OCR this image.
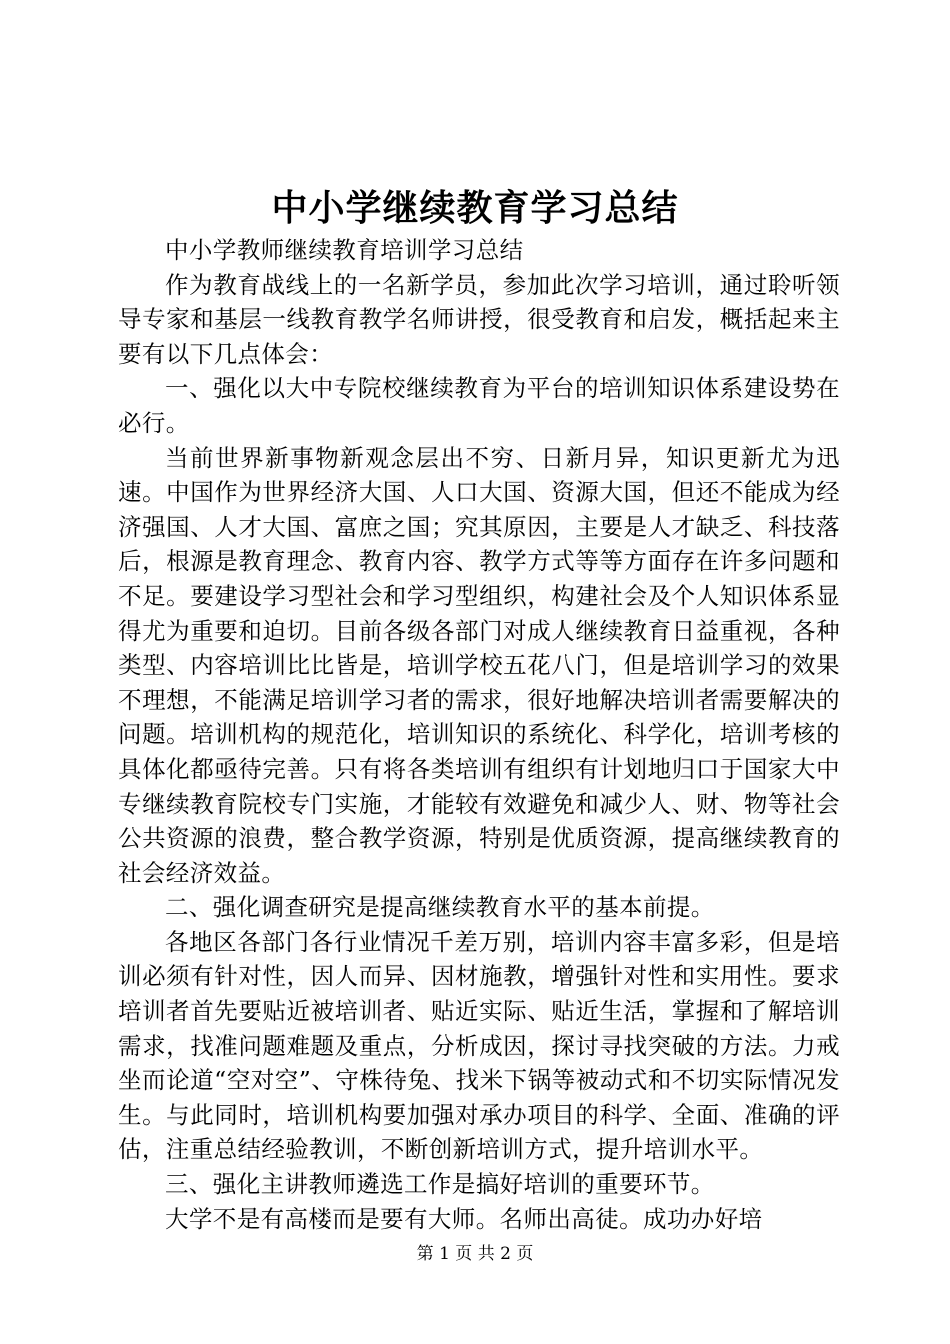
中小学继续教育学习总结

中小学教师继续教育培训学习总结

作为教育战线上的一名新学员，参加此次学习培训，通过聆听领导专家和基层一线教育教学名师讲授，很受教育和启发，概括起来主要有以下几点体会：

一、强化以大中专院校继续教育为平台的培训知识体系建设势在必行。

当前世界新事物新观念层出不穷、日新月异，知识更新尤为迅速。中国作为世界经济大国、人口大国、资源大国，但还不能成为经济强国、人才大国、富庶之国；究其原因，主要是人才缺乏、科技落后，根源是教育理念、教育内容、教学方式等等方面存在许多问题和不足。要建设学习型社会和学习型组织，构建社会及个人知识体系显得尤为重要和迫切。目前各级各部门对成人继续教育日益重视，各种类型、内容培训比比皆是，培训学校五花八门，但是培训学习的效果不理想，不能满足培训学习者的需求，很好地解决培训者需要解决的问题。培训机构的规范化，培训知识的系统化、科学化，培训考核的具体化都亟待完善。只有将各类培训有组织有计划地归口于国家大中专继续教育院校专门实施，才能较有效避免和减少人、财、物等社会公共资源的浪费，整合教学资源，特别是优质资源，提高继续教育的社会经济效益。

二、强化调查研究是提高继续教育水平的基本前提。

各地区各部门各行业情况千差万别，培训内容丰富多彩，但是培训必须有针对性，因人而异、因材施教，增强针对性和实用性。要求培训者首先要贴近被培训者、贴近实际、贴近生活，掌握和了解培训需求，找准问题难题及重点，分析成因，探讨寻找突破的方法。力戒坐而论道“空对空”、守株待兔、找米下锅等被动式和不切实际情况发生。与此同时，培训机构要加强对承办项目的科学、全面、准确的评估，注重总结经验教训，不断创新培训方式，提升培训水平。

三、强化主讲教师遴选工作是搞好培训的重要环节。

大学不是有高楼而是要有大师。名师出高徒。成功办好培

第 1 页 共 2 页
